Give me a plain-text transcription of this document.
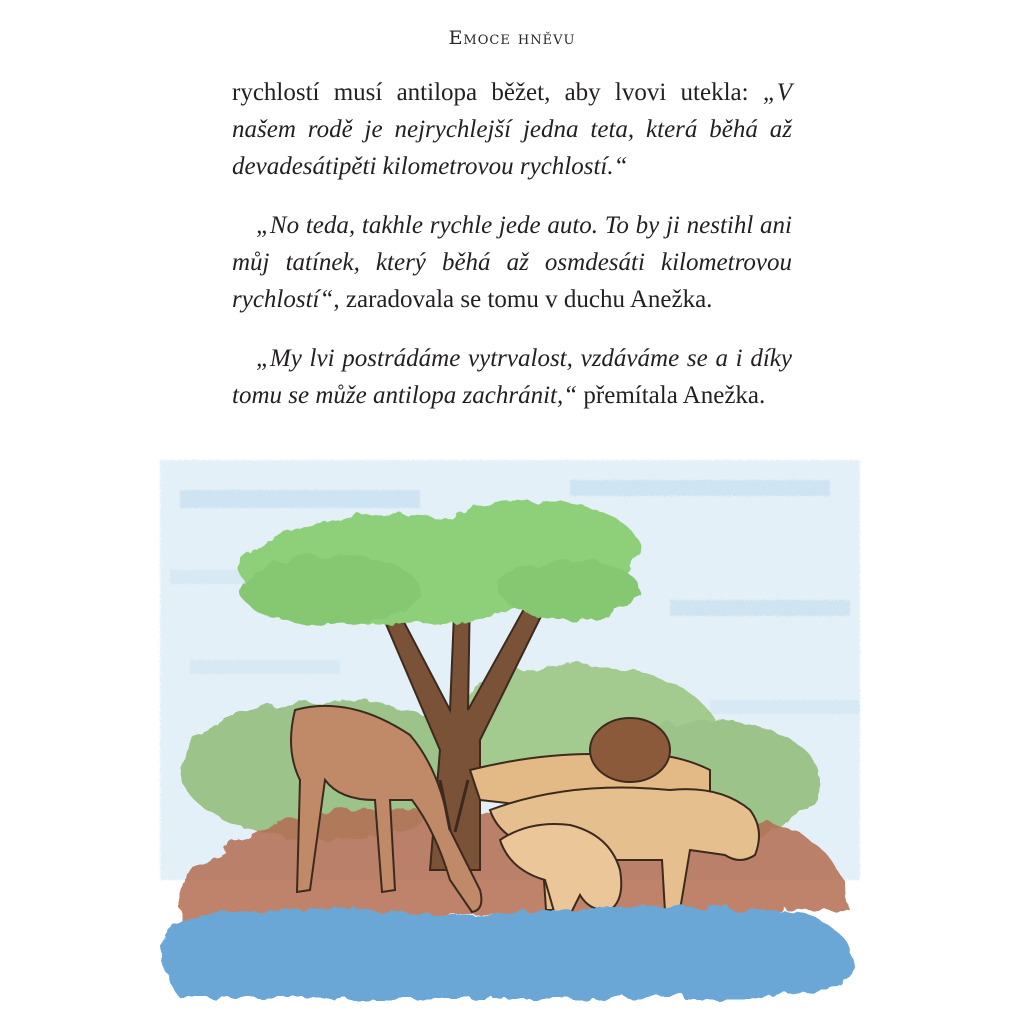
Emoce hněvu

rychlostí musí antilopa běžet, aby lvovi utekla: „V našem rodě je nejrychlejší jedna teta, která běhá až devadesátipěti kilometrovou rychlostí.“

„No teda, takhle rychle jede auto. To by ji nestihl ani můj tatínek, který běhá až osmdesáti kilometrovou rychlostí“, zaradovala se tomu v duchu Anežka.

„My lvi postrádáme vytrvalost, vzdáváme se a i díky tomu se může antilopa zachránit,“ přemítala Anežka.
